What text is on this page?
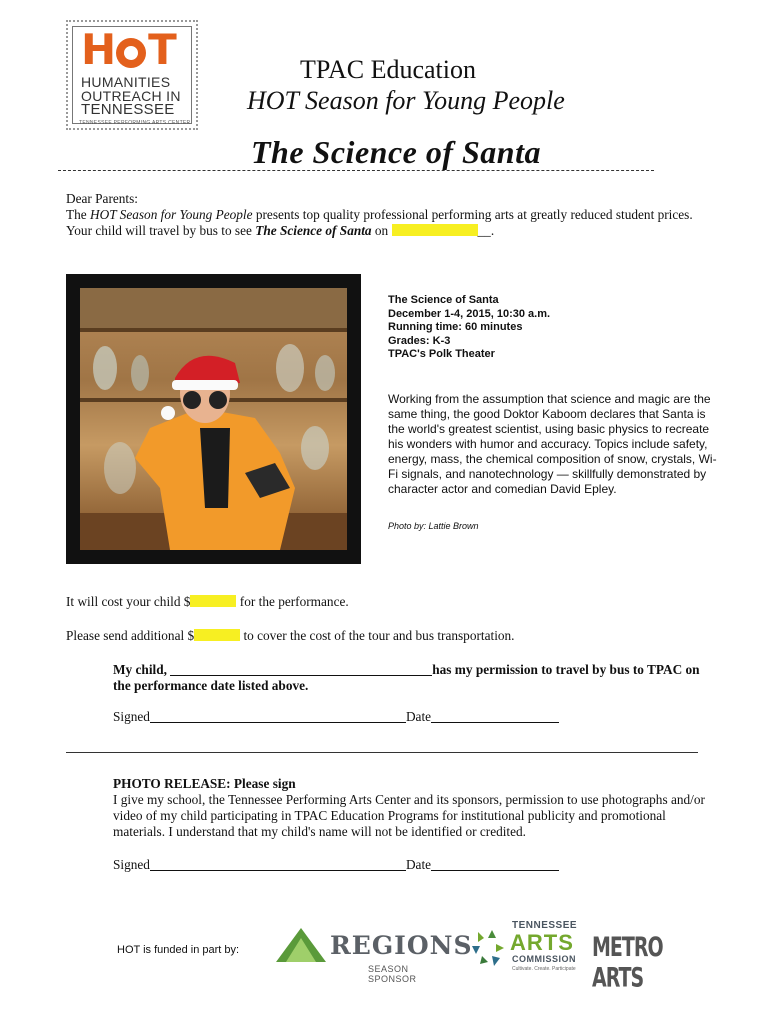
H T
HUMANITIES
OUTREACH IN
TENNESSEE
TENNESSEE PERFORMING ARTS CENTER
TPAC Education
HOT Season for Young People
The Science of Santa
Dear Parents:
The HOT Season for Young People presents top quality professional performing arts at greatly reduced student prices. Your child will travel by bus to see The Science of Santa on	__.
The Science of Santa
December 1-4, 2015, 10:30 a.m.
Running time: 60 minutes
Grades: K-3
TPAC's Polk Theater
Working from the assumption that science and magic are the same thing, the good Doktor Kaboom declares that Santa is the world's greatest scientist, using basic physics to recreate his wonders with humor and accuracy. Topics include safety, energy, mass, the chemical composition of snow, crystals, Wi-Fi signals, and nanotechnology — skillfully demonstrated by character actor and comedian David Epley.
Photo by: Lattie Brown
It will cost your child $	for the performance.
Please send additional $	to cover the cost of the tour and bus transportation.
My child,	has my permission to travel by bus to TPAC on the performance date listed above.
Signed	Date
PHOTO RELEASE: Please sign
I give my school, the Tennessee Performing Arts Center and its sponsors, permission to use photographs and/or video of my child participating in TPAC Education Programs for institutional publicity and promotional materials. I understand that my child's name will not be identified or credited.
Signed	Date
HOT is funded in part by:	REGIONS
SEASON SPONSOR
TENNESSEE
ARTS
COMMISSION
Cultivate. Create. Participate
METRO ARTS
